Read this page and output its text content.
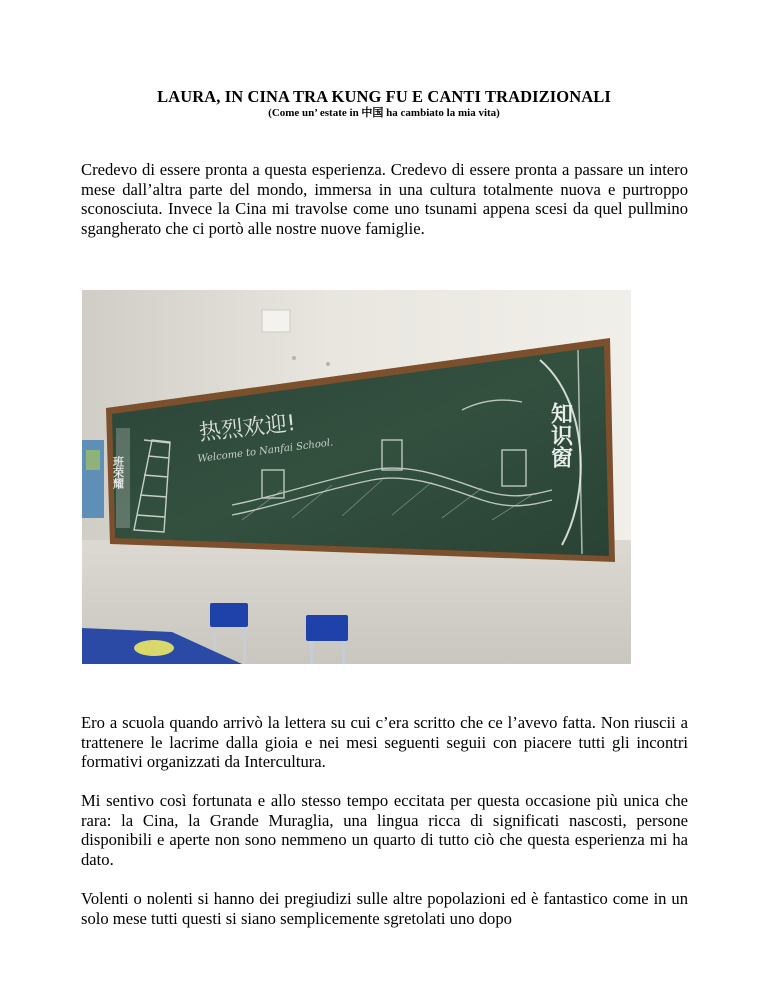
LAURA, IN CINA TRA KUNG FU E CANTI TRADIZIONALI
(Come un’ estate in 中国 ha cambiato la mia vita)

Credevo di essere pronta a questa esperienza. Credevo di essere pronta a passare un intero mese dall’altra parte del mondo, immersa in una cultura totalmente nuova e purtroppo sconosciuta. Invece la Cina mi travolse come uno tsunami appena scesi da quel pullmino sgangherato che ci portò alle nostre nuove famiglie.

热烈欢迎!
Welcome to Nanfai School.
班荣耀
知识窗

Ero a scuola quando arrivò la lettera su cui c’era scritto che ce l’avevo fatta. Non riuscii a trattenere le lacrime dalla gioia e nei mesi seguenti seguii con piacere tutti gli incontri formativi organizzati da Intercultura.

Mi sentivo così fortunata e allo stesso tempo eccitata per questa occasione più unica che rara: la Cina, la Grande Muraglia, una lingua ricca di significati nascosti, persone disponibili e aperte non sono nemmeno un quarto di tutto ciò che questa esperienza mi ha dato.

Volenti o nolenti si hanno dei pregiudizi sulle altre popolazioni ed è fantastico come in un solo mese tutti questi si siano semplicemente sgretolati uno dopo
